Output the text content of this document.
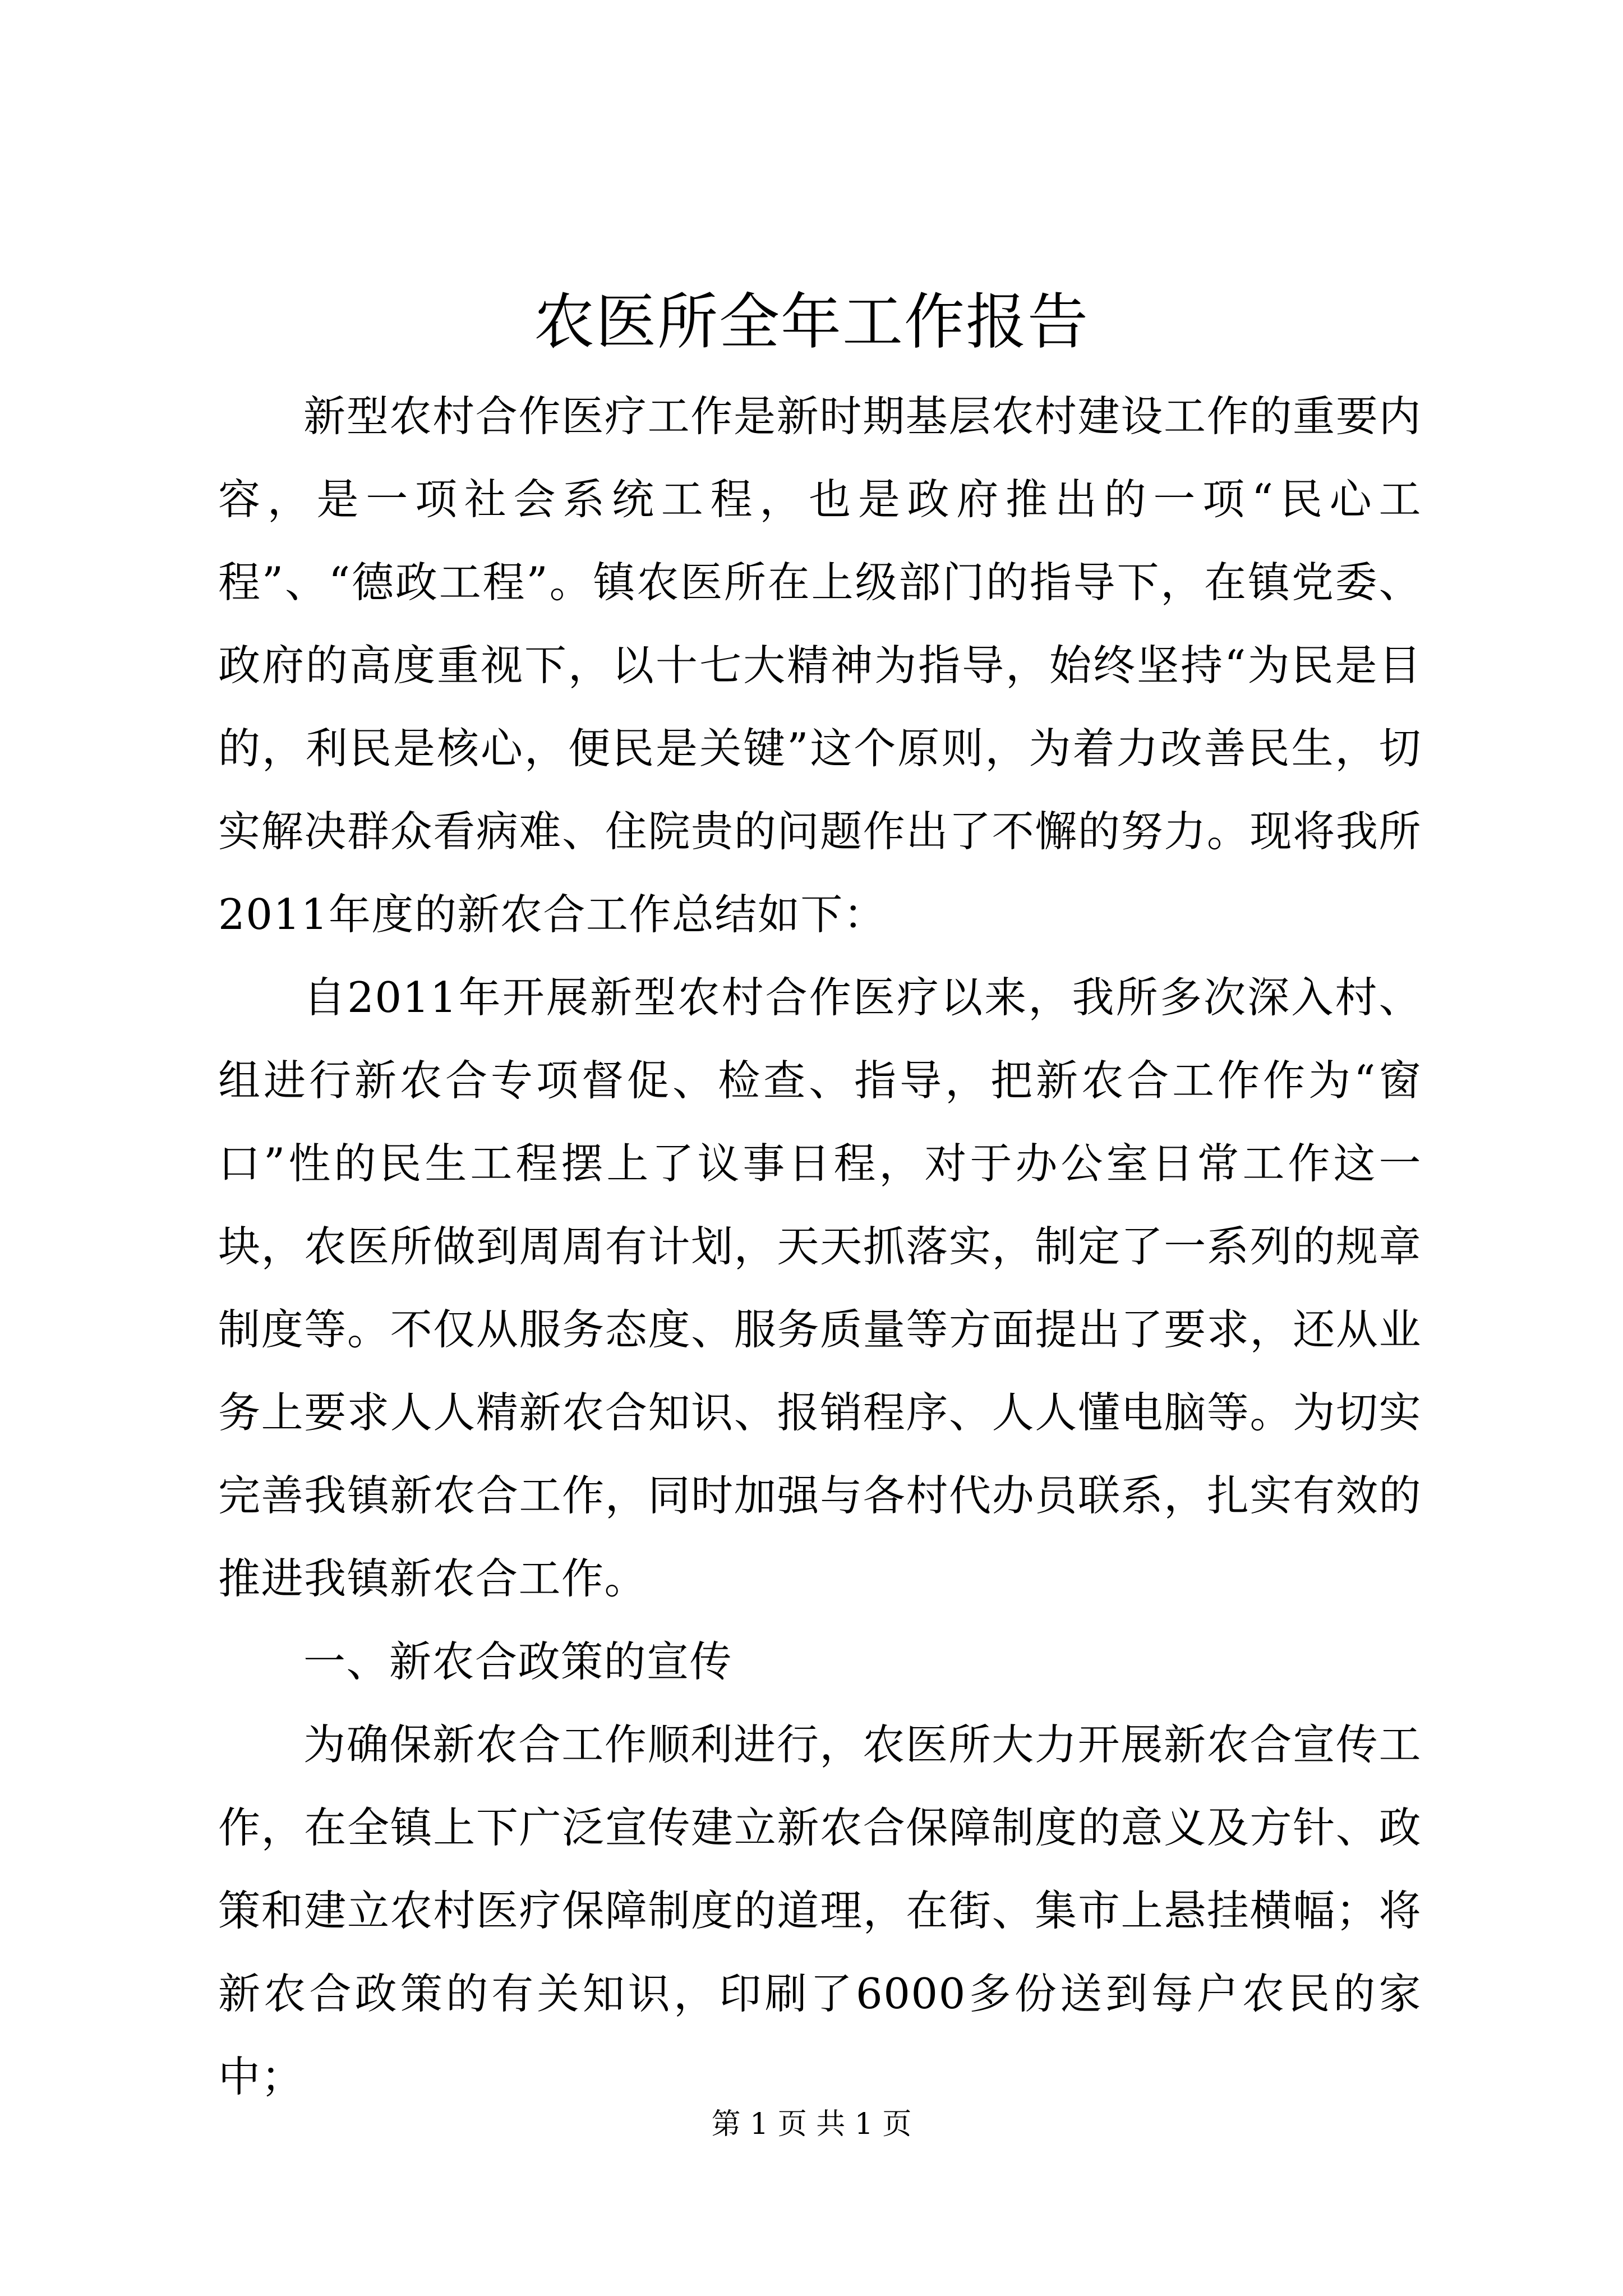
农医所全年工作报告

新型农村合作医疗工作是新时期基层农村建设工作的重要内容，是一项社会系统工程，也是政府推出的一项“民心工程”、“德政工程”。镇农医所在上级部门的指导下，在镇党委、政府的高度重视下，以十七大精神为指导，始终坚持“为民是目的，利民是核心，便民是关键”这个原则，为着力改善民生，切实解决群众看病难、住院贵的问题作出了不懈的努力。现将我所2011年度的新农合工作总结如下：

自2011年开展新型农村合作医疗以来，我所多次深入村、组进行新农合专项督促、检查、指导，把新农合工作作为“窗口”性的民生工程摆上了议事日程，对于办公室日常工作这一块，农医所做到周周有计划，天天抓落实，制定了一系列的规章制度等。不仅从服务态度、服务质量等方面提出了要求，还从业务上要求人人精新农合知识、报销程序、人人懂电脑等。为切实完善我镇新农合工作，同时加强与各村代办员联系，扎实有效的推进我镇新农合工作。

一、新农合政策的宣传

为确保新农合工作顺利进行，农医所大力开展新农合宣传工作，在全镇上下广泛宣传建立新农合保障制度的意义及方针、政策和建立农村医疗保障制度的道理，在街、集市上悬挂横幅；将新农合政策的有关知识，印刷了6000多份送到每户农民的家中；

第 1 页 共 1 页
